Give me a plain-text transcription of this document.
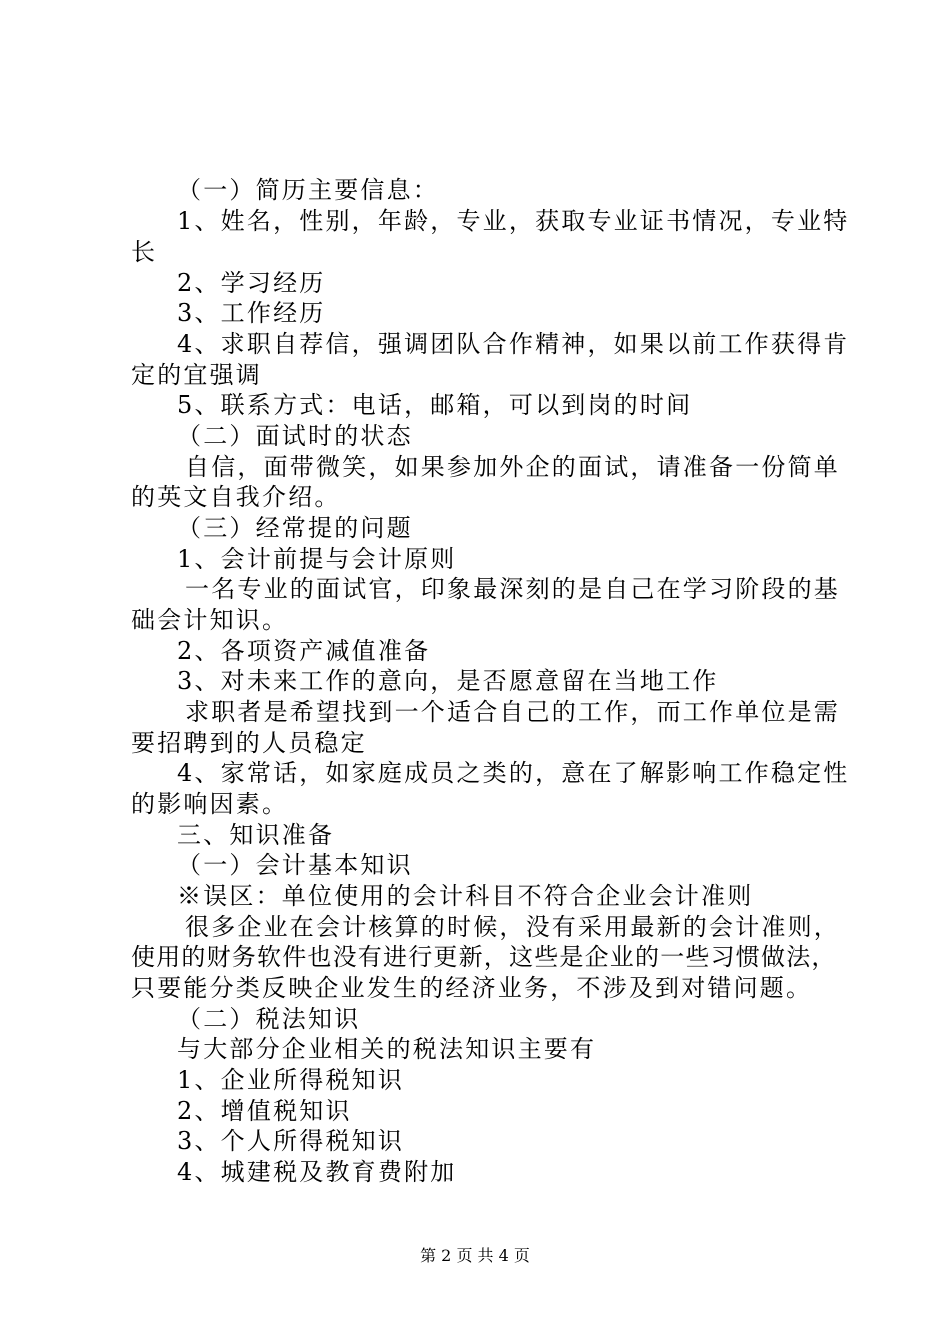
（一）简历主要信息：
1、姓名，性别，年龄，专业，获取专业证书情况，专业特
长
2、学习经历
3、工作经历
4、求职自荐信，强调团队合作精神，如果以前工作获得肯
定的宜强调
5、联系方式：电话，邮箱，可以到岗的时间
（二）面试时的状态
自信，面带微笑，如果参加外企的面试，请准备一份简单
的英文自我介绍。
（三）经常提的问题
1、会计前提与会计原则
一名专业的面试官，印象最深刻的是自己在学习阶段的基
础会计知识。
2、各项资产减值准备
3、对未来工作的意向，是否愿意留在当地工作
求职者是希望找到一个适合自己的工作，而工作单位是需
要招聘到的人员稳定
4、家常话，如家庭成员之类的，意在了解影响工作稳定性
的影响因素。
三、知识准备
（一）会计基本知识
※误区：单位使用的会计科目不符合企业会计准则
很多企业在会计核算的时候，没有采用最新的会计准则，
使用的财务软件也没有进行更新，这些是企业的一些习惯做法，
只要能分类反映企业发生的经济业务，不涉及到对错问题。
（二）税法知识
与大部分企业相关的税法知识主要有
1、企业所得税知识
2、增值税知识
3、个人所得税知识
4、城建税及教育费附加
第 2 页 共 4 页
